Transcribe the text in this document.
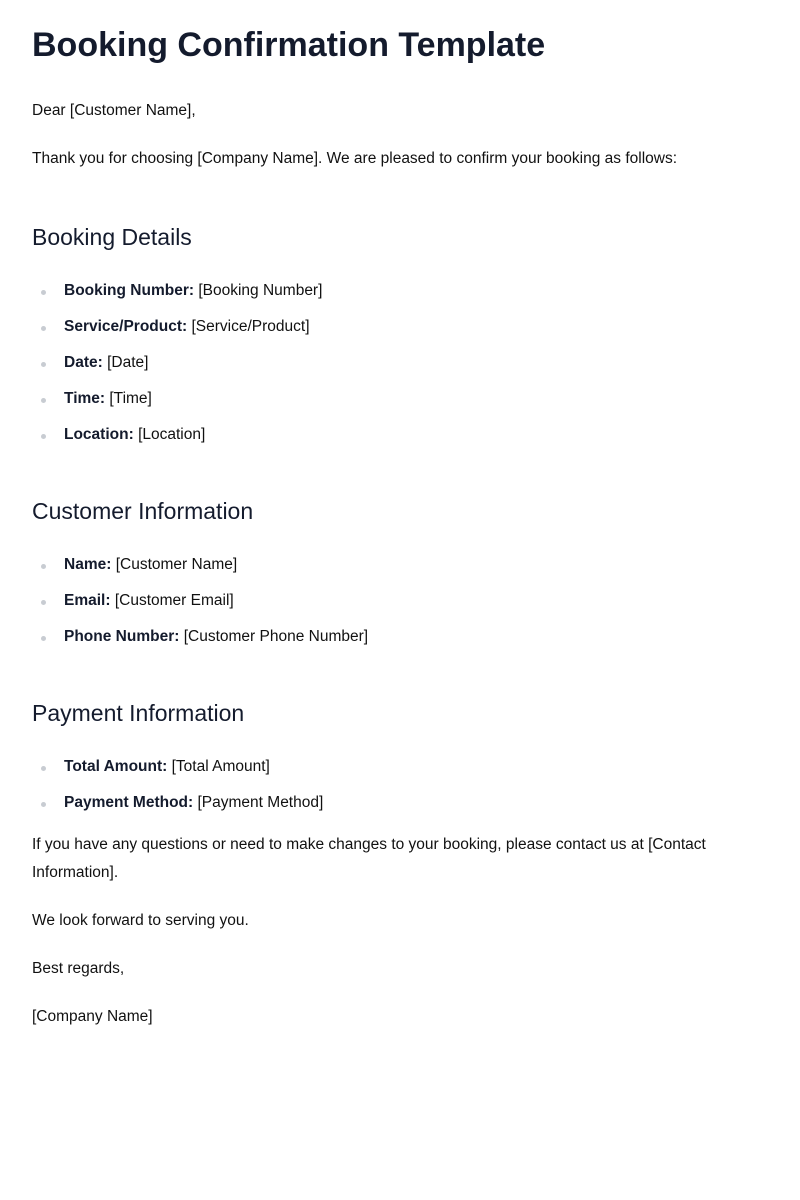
Booking Confirmation Template

Dear [Customer Name],

Thank you for choosing [Company Name]. We are pleased to confirm your booking as follows:

Booking Details
Booking Number: [Booking Number]
Service/Product: [Service/Product]
Date: [Date]
Time: [Time]
Location: [Location]
Customer Information
Name: [Customer Name]
Email: [Customer Email]
Phone Number: [Customer Phone Number]
Payment Information
Total Amount: [Total Amount]
Payment Method: [Payment Method]

If you have any questions or need to make changes to your booking, please contact us at [Contact Information].

We look forward to serving you.

Best regards,

[Company Name]
